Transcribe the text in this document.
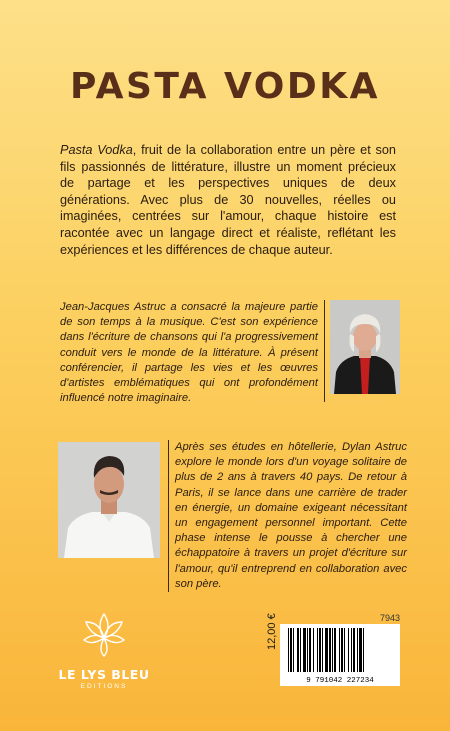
PASTA VODKA

Pasta Vodka, fruit de la collaboration entre un père et son fils passionnés de littérature, illustre un moment précieux de partage et les perspectives uniques de deux générations. Avec plus de 30 nouvelles, réelles ou imaginées, centrées sur l'amour, chaque histoire est racontée avec un langage direct et réaliste, reflétant les expériences et les différences de chaque auteur.

Jean-Jacques Astruc a consacré la majeure partie de son temps à la musique. C'est son expérience dans l'écriture de chansons qui l'a progressivement conduit vers le monde de la littérature. À présent conférencier, il partage les vies et les œuvres d'artistes emblématiques qui ont profondément influencé notre imaginaire.

Après ses études en hôtellerie, Dylan Astruc explore le monde lors d'un voyage solitaire de plus de 2 ans à travers 40 pays. De retour à Paris, il se lance dans une carrière de trader en énergie, un domaine exigeant nécessitant un engagement personnel important. Cette phase intense le pousse à chercher une échappatoire à travers un projet d'écriture sur l'amour, qu'il entreprend en collaboration avec son père.

LE LYS BLEU
EDITIONS
7943
12,00 €
9 791042 227234
